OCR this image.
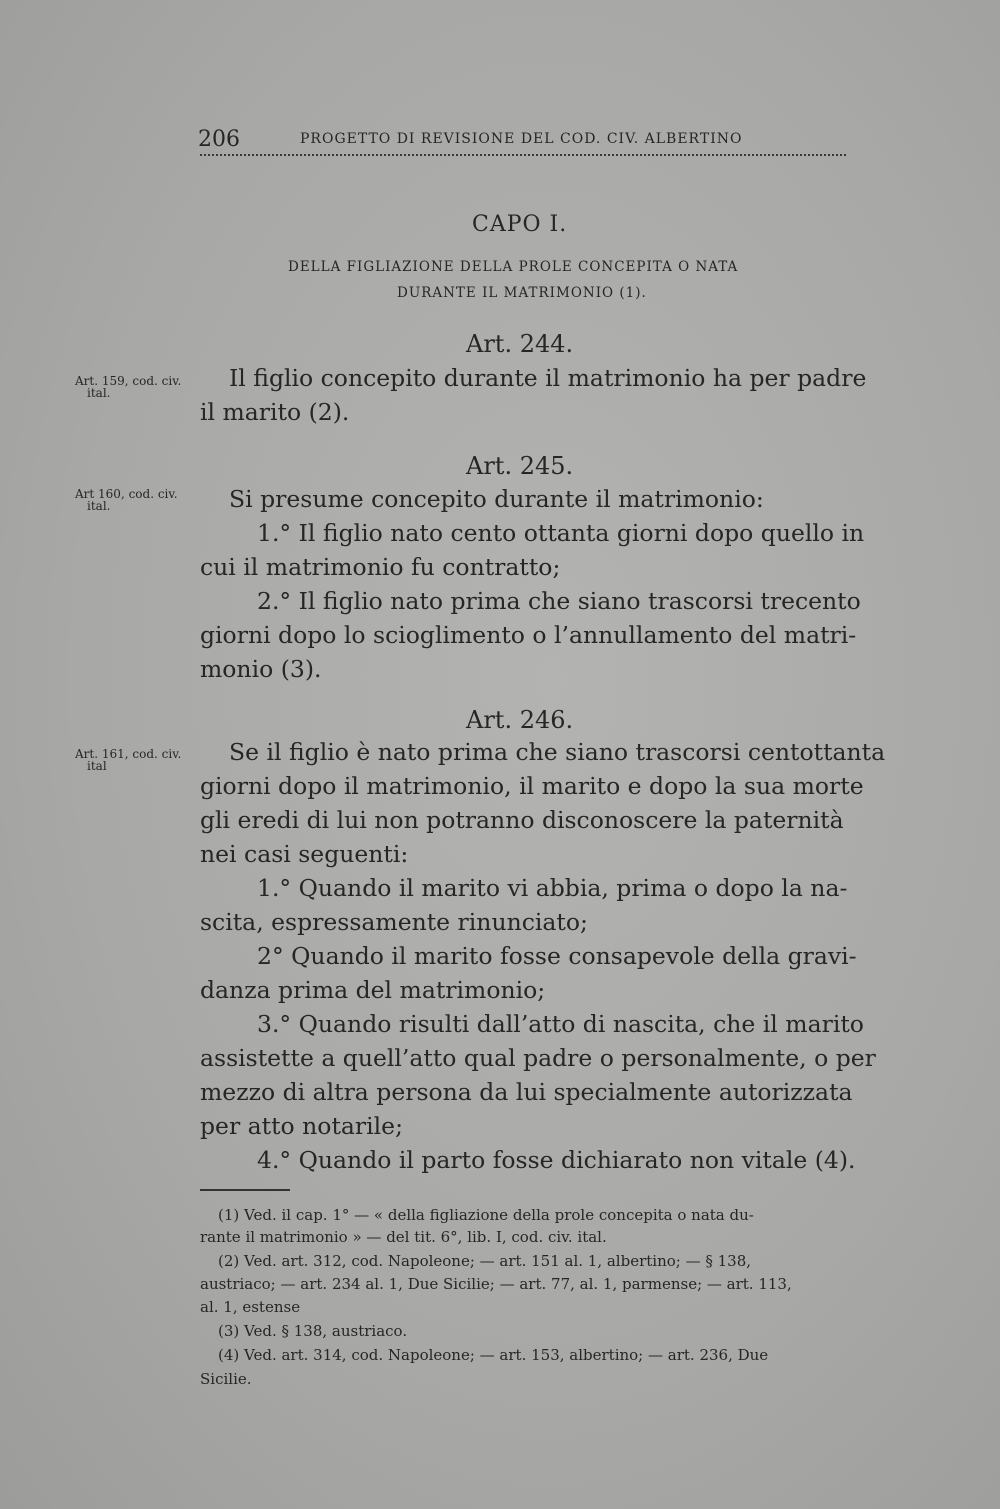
206	PROGETTO DI REVISIONE DEL COD. CIV. ALBERTINO
CAPO I.
DELLA FIGLIAZIONE DELLA PROLE CONCEPITA O NATA
DURANTE IL MATRIMONIO (1).
Art. 159, cod. civ.
ital.
Art 160, cod. civ.
ital.
Art. 161, cod. civ.
ital
Art. 244.
Il figlio concepito durante il matrimonio ha per padre
il marito (2).
Art. 245.
Si presume concepito durante il matrimonio:
1.° Il figlio nato cento ottanta giorni dopo quello in
cui il matrimonio fu contratto;
2.° Il figlio nato prima che siano trascorsi trecento
giorni dopo lo scioglimento o l’annullamento del matri-
monio (3).
Art. 246.
Se il figlio è nato prima che siano trascorsi centottanta
giorni dopo il matrimonio, il marito e dopo la sua morte
gli eredi di lui non potranno disconoscere la paternità
nei casi seguenti:
1.° Quando il marito vi abbia, prima o dopo la na-
scita, espressamente rinunciato;
2° Quando il marito fosse consapevole della gravi-
danza prima del matrimonio;
3.° Quando risulti dall’atto di nascita, che il marito
assistette a quell’atto qual padre o personalmente, o per
mezzo di altra persona da lui specialmente autorizzata
per atto notarile;
4.° Quando il parto fosse dichiarato non vitale (4).
(1) Ved. il cap. 1° — « della figliazione della prole concepita o nata du-
rante il matrimonio » — del tit. 6°, lib. I, cod. civ. ital.
(2) Ved. art. 312, cod. Napoleone; — art. 151 al. 1, albertino; — § 138,
austriaco; — art. 234 al. 1, Due Sicilie; — art. 77, al. 1, parmense; — art. 113,
al. 1, estense
(3) Ved. § 138, austriaco.
(4) Ved. art. 314, cod. Napoleone; — art. 153, albertino; — art. 236, Due
Sicilie.
